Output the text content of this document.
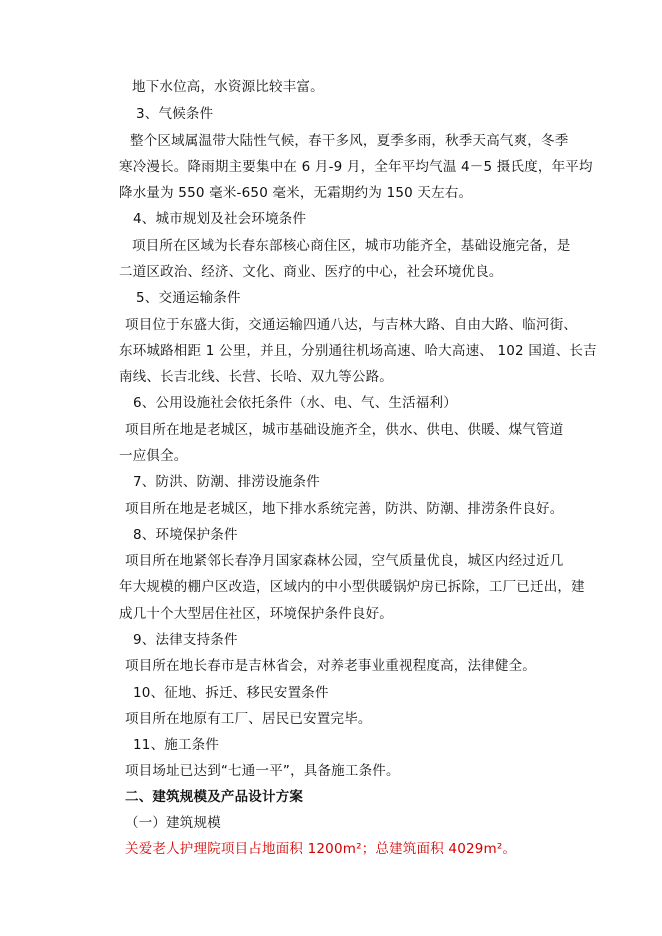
地下水位高，水资源比较丰富。
3、气候条件
整个区域属温带大陆性气候，春干多风，夏季多雨，秋季天高气爽，冬季
寒冷漫长。降雨期主要集中在 6 月-9 月，全年平均气温 4－5 摄氏度，年平均
降水量为 550 毫米-650 毫米，无霜期约为 150 天左右。
4、城市规划及社会环境条件
项目所在区域为长春东部核心商住区，城市功能齐全，基础设施完备，是
二道区政治、经济、文化、商业、医疗的中心，社会环境优良。
5、交通运输条件
项目位于东盛大街，交通运输四通八达，与吉林大路、自由大路、临河街、
东环城路相距 1 公里，并且，分别通往机场高速、哈大高速、 102 国道、长吉
南线、长吉北线、长营、长哈、双九等公路。
6、公用设施社会依托条件（水、电、气、生活福利）
项目所在地是老城区，城市基础设施齐全，供水、供电、供暖、煤气管道
一应俱全。
7、防洪、防潮、排涝设施条件
项目所在地是老城区，地下排水系统完善，防洪、防潮、排涝条件良好。
8、环境保护条件
项目所在地紧邻长春净月国家森林公园，空气质量优良，城区内经过近几
年大规模的棚户区改造，区域内的中小型供暖锅炉房已拆除，工厂已迁出，建
成几十个大型居住社区，环境保护条件良好。
9、法律支持条件
项目所在地长春市是吉林省会，对养老事业重视程度高，法律健全。
10、征地、拆迁、移民安置条件
项目所在地原有工厂、居民已安置完毕。
11、施工条件
项目场址已达到“七通一平”，具备施工条件。
二、建筑规模及产品设计方案
（一）建筑规模
关爱老人护理院项目占地面积 1200m²；总建筑面积 4029m²。
